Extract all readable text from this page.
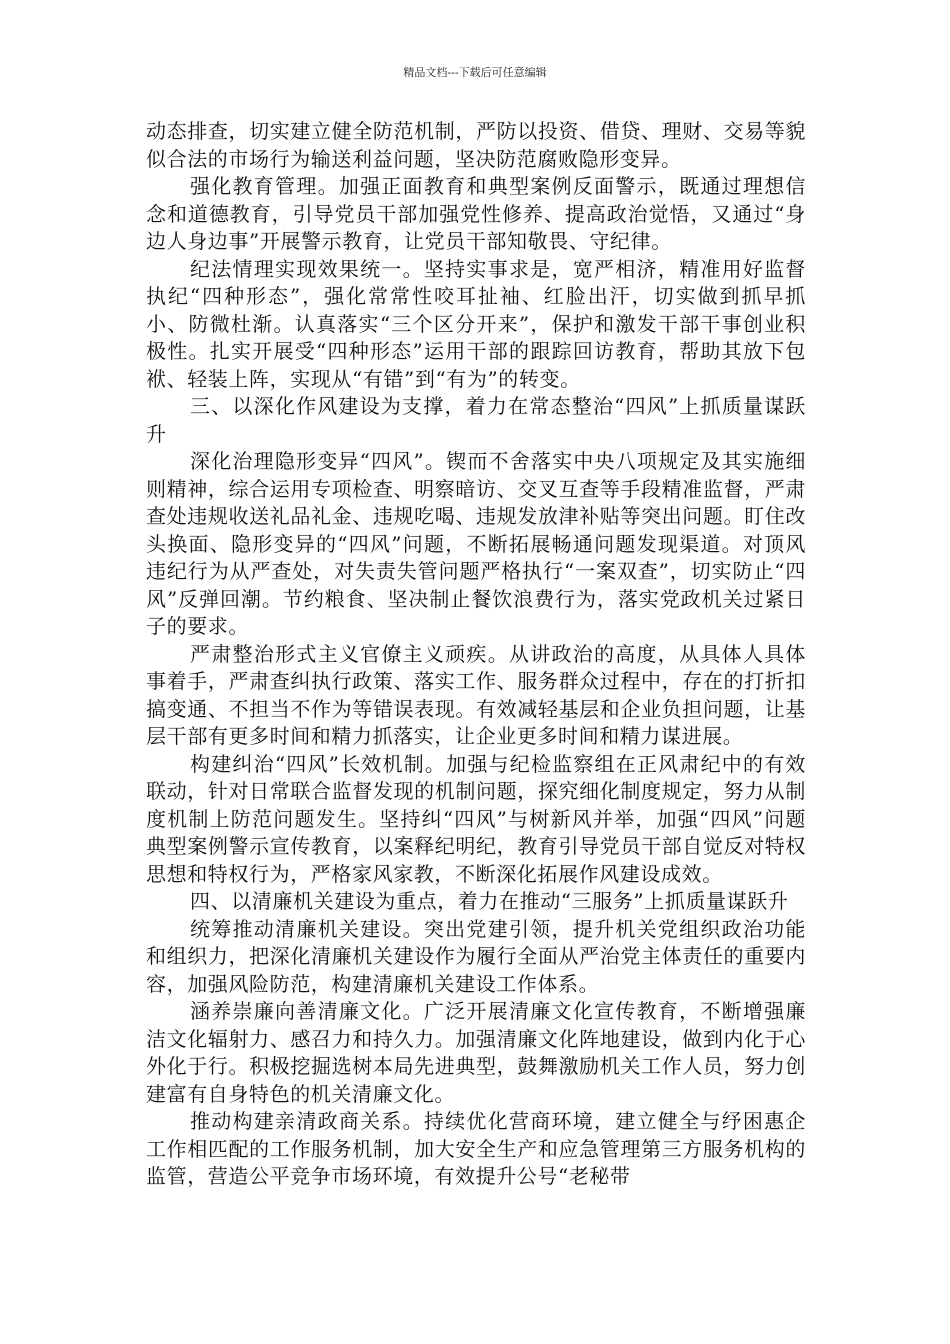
精品文档---下载后可任意编辑

动态排查，切实建立健全防范机制，严防以投资、借贷、理财、交易等貌似合法的市场行为输送利益问题，坚决防范腐败隐形变异。

强化教育管理。加强正面教育和典型案例反面警示，既通过理想信念和道德教育，引导党员干部加强党性修养、提高政治觉悟，又通过“身边人身边事”开展警示教育，让党员干部知敬畏、守纪律。

纪法情理实现效果统一。坚持实事求是，宽严相济，精准用好监督执纪“四种形态”，强化常常性咬耳扯袖、红脸出汗，切实做到抓早抓小、防微杜渐。认真落实“三个区分开来”，保护和激发干部干事创业积极性。扎实开展受“四种形态”运用干部的跟踪回访教育，帮助其放下包袱、轻装上阵，实现从“有错”到“有为”的转变。

三、以深化作风建设为支撑，着力在常态整治“四风”上抓质量谋跃升

深化治理隐形变异“四风”。锲而不舍落实中央八项规定及其实施细则精神，综合运用专项检查、明察暗访、交叉互查等手段精准监督，严肃查处违规收送礼品礼金、违规吃喝、违规发放津补贴等突出问题。盯住改头换面、隐形变异的“四风”问题，不断拓展畅通问题发现渠道。对顶风违纪行为从严查处，对失责失管问题严格执行“一案双查”，切实防止“四风”反弹回潮。节约粮食、坚决制止餐饮浪费行为，落实党政机关过紧日子的要求。

严肃整治形式主义官僚主义顽疾。从讲政治的高度，从具体人具体事着手，严肃查纠执行政策、落实工作、服务群众过程中，存在的打折扣搞变通、不担当不作为等错误表现。有效减轻基层和企业负担问题，让基层干部有更多时间和精力抓落实，让企业更多时间和精力谋进展。

构建纠治“四风”长效机制。加强与纪检监察组在正风肃纪中的有效联动，针对日常联合监督发现的机制问题，探究细化制度规定，努力从制度机制上防范问题发生。坚持纠“四风”与树新风并举，加强“四风”问题典型案例警示宣传教育，以案释纪明纪，教育引导党员干部自觉反对特权思想和特权行为，严格家风家教，不断深化拓展作风建设成效。

四、以清廉机关建设为重点，着力在推动“三服务”上抓质量谋跃升

统筹推动清廉机关建设。突出党建引领，提升机关党组织政治功能和组织力，把深化清廉机关建设作为履行全面从严治党主体责任的重要内容，加强风险防范，构建清廉机关建设工作体系。

涵养崇廉向善清廉文化。广泛开展清廉文化宣传教育，不断增强廉洁文化辐射力、感召力和持久力。加强清廉文化阵地建设，做到内化于心外化于行。积极挖掘选树本局先进典型，鼓舞激励机关工作人员，努力创建富有自身特色的机关清廉文化。

推动构建亲清政商关系。持续优化营商环境，建立健全与纾困惠企工作相匹配的工作服务机制，加大安全生产和应急管理第三方服务机构的监管，营造公平竞争市场环境，有效提升公号“老秘带
